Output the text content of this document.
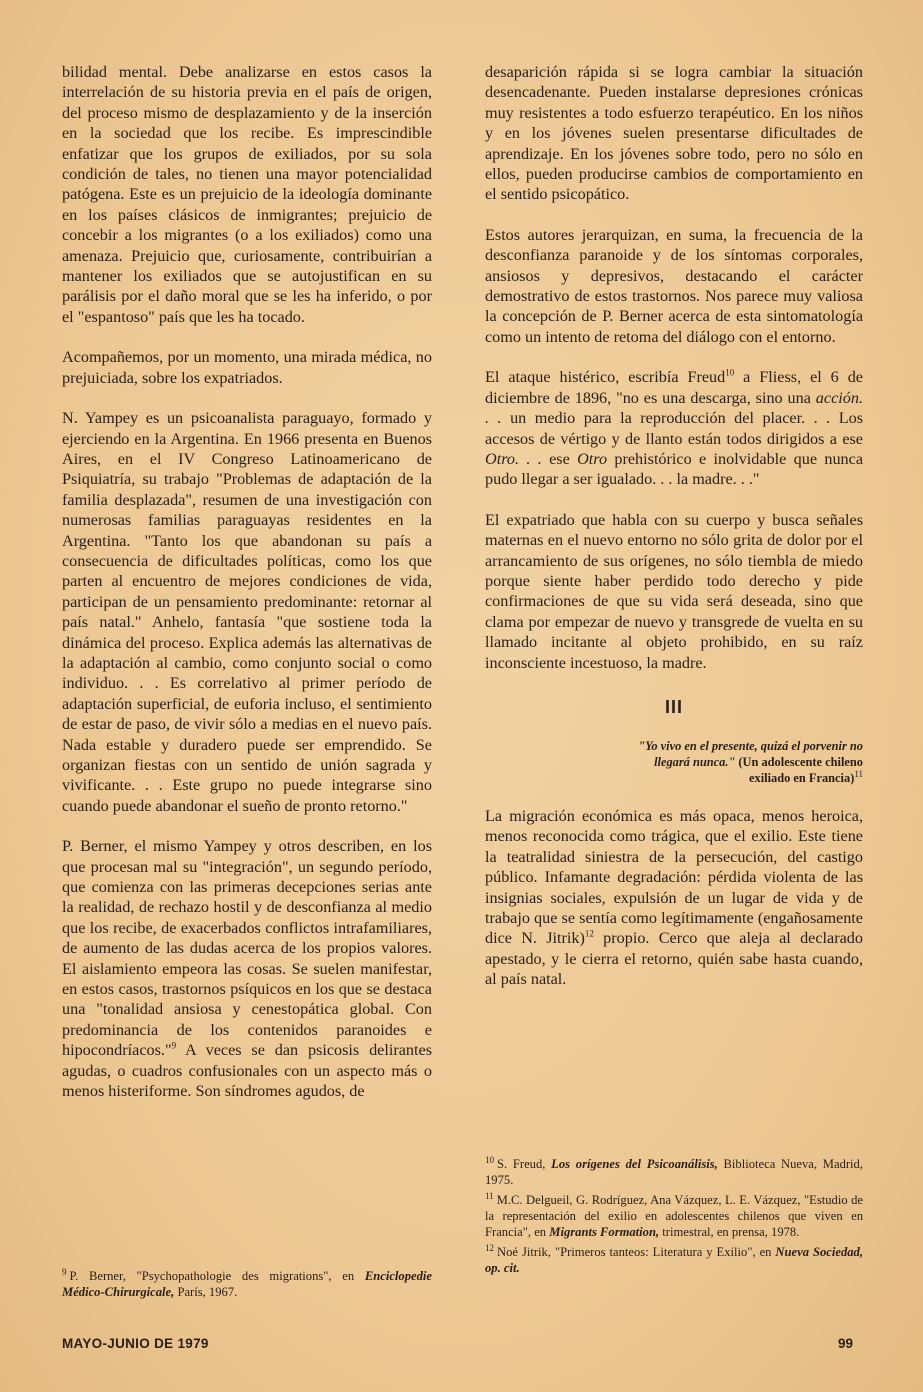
bilidad mental. Debe analizarse en estos casos la interrelación de su historia previa en el país de origen, del proceso mismo de desplazamiento y de la inserción en la sociedad que los recibe. Es imprescindible enfatizar que los grupos de exiliados, por su sola condición de tales, no tienen una mayor potencialidad patógena. Este es un prejuicio de la ideología dominante en los países clásicos de inmigrantes; prejuicio de concebir a los migrantes (o a los exiliados) como una amenaza. Prejuicio que, curiosamente, contribuirían a mantener los exiliados que se autojustifican en su parálisis por el daño moral que se les ha inferido, o por el "espantoso" país que les ha tocado.

Acompañemos, por un momento, una mirada médica, no prejuiciada, sobre los expatriados.

N. Yampey es un psicoanalista paraguayo, formado y ejerciendo en la Argentina. En 1966 presenta en Buenos Aires, en el IV Congreso Latinoamericano de Psiquiatría, su trabajo "Problemas de adaptación de la familia desplazada", resumen de una investigación con numerosas familias paraguayas residentes en la Argentina. "Tanto los que abandonan su país a consecuencia de dificultades políticas, como los que parten al encuentro de mejores condiciones de vida, participan de un pensamiento predominante: retornar al país natal." Anhelo, fantasía "que sostiene toda la dinámica del proceso. Explica además las alternativas de la adaptación al cambio, como conjunto social o como individuo. . . Es correlativo al primer período de adaptación superficial, de euforia incluso, el sentimiento de estar de paso, de vivir sólo a medias en el nuevo país. Nada estable y duradero puede ser emprendido. Se organizan fiestas con un sentido de unión sagrada y vivificante. . . Este grupo no puede integrarse sino cuando puede abandonar el sueño de pronto retorno."

P. Berner, el mismo Yampey y otros describen, en los que procesan mal su "integración", un segundo período, que comienza con las primeras decepciones serias ante la realidad, de rechazo hostil y de desconfianza al medio que los recibe, de exacerbados conflictos intrafamiliares, de aumento de las dudas acerca de los propios valores. El aislamiento empeora las cosas. Se suelen manifestar, en estos casos, trastornos psíquicos en los que se destaca una "tonalidad ansiosa y cenestopática global. Con predominancia de los contenidos paranoides e hipocondríacos."$^9$ A veces se dan psicosis delirantes agudas, o cuadros confusionales con un aspecto más o menos histeriforme. Son síndromes agudos, de

desaparición rápida si se logra cambiar la situación desencadenante. Pueden instalarse depresiones crónicas muy resistentes a todo esfuerzo terapéutico. En los niños y en los jóvenes suelen presentarse dificultades de aprendizaje. En los jóvenes sobre todo, pero no sólo en ellos, pueden producirse cambios de comportamiento en el sentido psicopático.

Estos autores jerarquizan, en suma, la frecuencia de la desconfianza paranoide y de los síntomas corporales, ansiosos y depresivos, destacando el carácter demostrativo de estos trastornos. Nos parece muy valiosa la concepción de P. Berner acerca de esta sintomatología como un intento de retoma del diálogo con el entorno.

El ataque histérico, escribía Freud$^{10}$ a Fliess, el 6 de diciembre de 1896, "no es una descarga, sino una acción. . . un medio para la reproducción del placer. . . Los accesos de vértigo y de llanto están todos dirigidos a ese Otro. . . ese Otro prehistórico e inolvidable que nunca pudo llegar a ser igualado. . . la madre. . ."

El expatriado que habla con su cuerpo y busca señales maternas en el nuevo entorno no sólo grita de dolor por el arrancamiento de sus orígenes, no sólo tiembla de miedo porque siente haber perdido todo derecho y pide confirmaciones de que su vida será deseada, sino que clama por empezar de nuevo y transgrede de vuelta en su llamado incitante al objeto prohibido, en su raíz inconsciente incestuoso, la madre.

III
"Yo vivo en el presente, quizá el porvenir no llegará nunca." (Un adolescente chileno exiliado en Francia)$^{11}$

La migración económica es más opaca, menos heroica, menos reconocida como trágica, que el exilio. Este tiene la teatralidad siniestra de la persecución, del castigo público. Infamante degradación: pérdida violenta de las insignias sociales, expulsión de un lugar de vida y de trabajo que se sentía como legítimamente (engañosamente dice N. Jitrik)$^{12}$ propio. Cerco que aleja al declarado apestado, y le cierra el retorno, quién sabe hasta cuando, al país natal.

$^{10}$ S. Freud, Los orígenes del Psicoanálisis, Biblioteca Nueva, Madrid, 1975.

$^{11}$ M.C. Delgueil, G. Rodríguez, Ana Vázquez, L. E. Vázquez, "Estudio de la representación del exilio en adolescentes chilenos que viven en Francia", en Migrants Formation, trimestral, en prensa, 1978.

$^{12}$ Noé Jitrik, "Primeros tanteos: Literatura y Exilio", en Nueva Sociedad, op. cit.

$^9$ P. Berner, "Psychopathologie des migrations", en Enciclopedie Médico-Chirurgicale, París, 1967.

MAYO-JUNIO DE 1979	99
